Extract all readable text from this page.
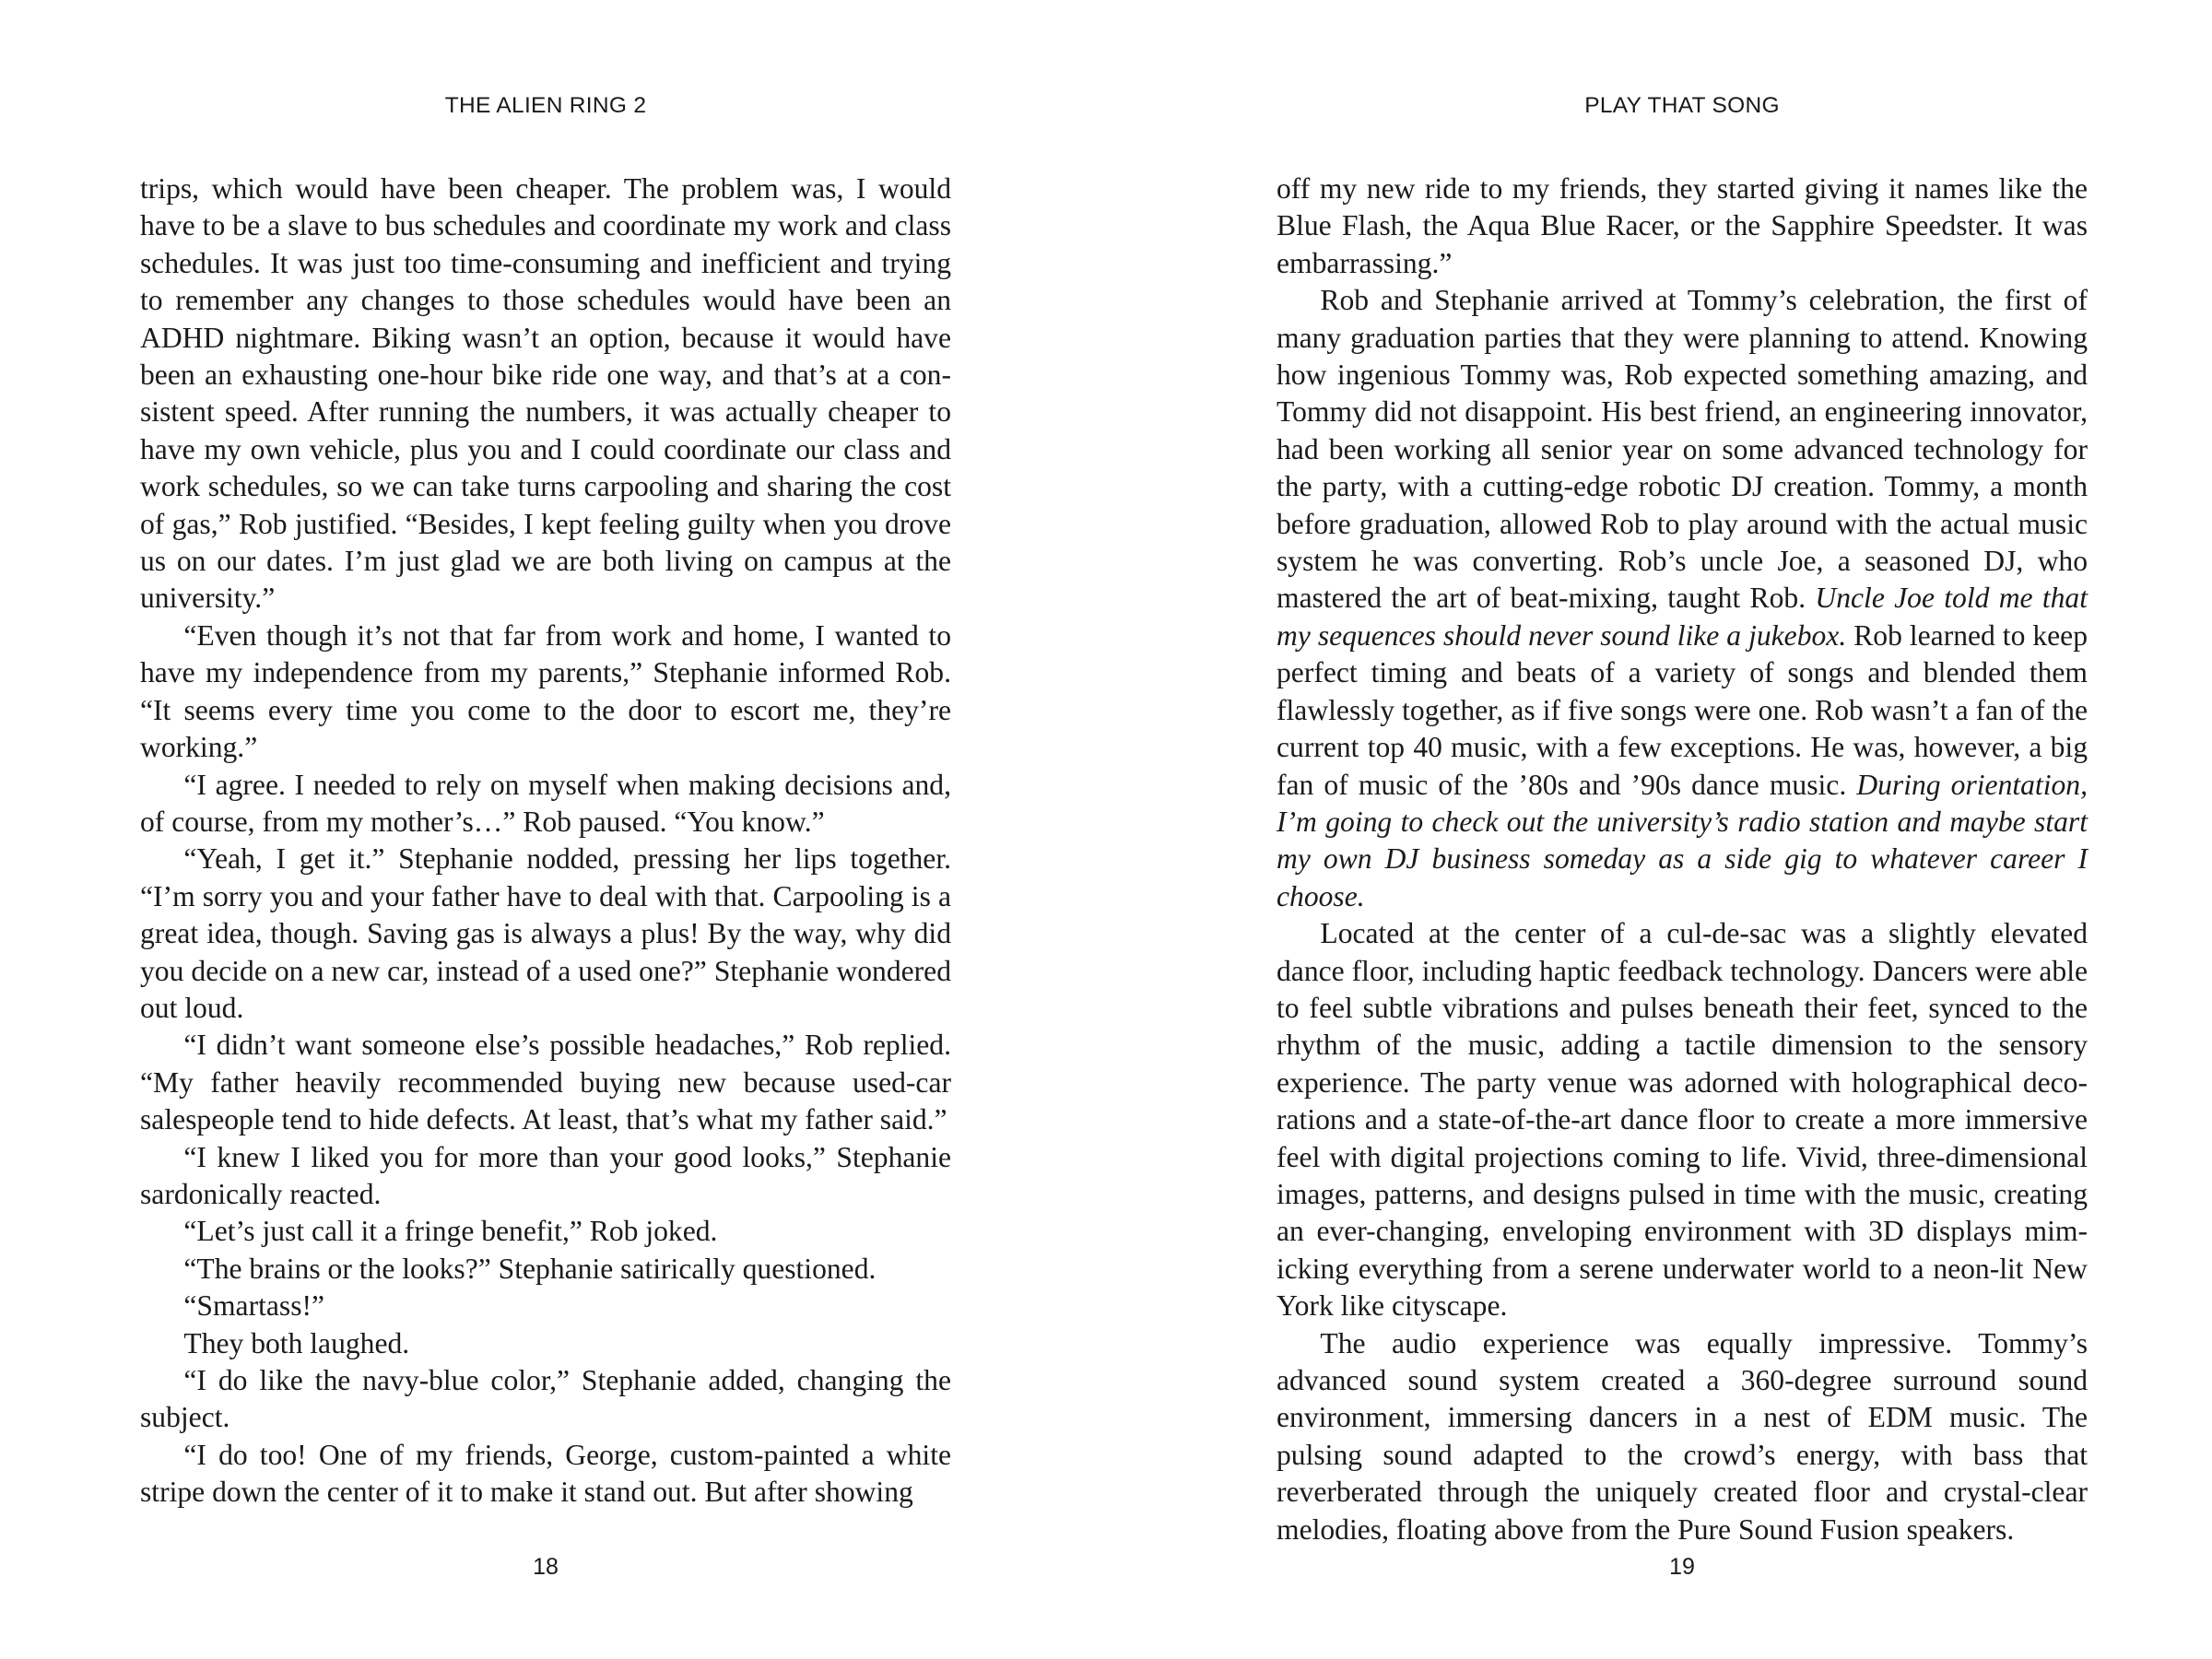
THE ALIEN RING 2

trips, which would have been cheaper. The problem was, I would have to be a slave to bus schedules and coordinate my work and class schedules. It was just too time-consuming and inefficient and trying to remember any changes to those schedules would have been an ADHD nightmare. Biking wasn’t an option, because it would have been an exhausting one-hour bike ride one way, and that’s at a consistent speed. After running the numbers, it was actually cheaper to have my own vehicle, plus you and I could coordinate our class and work schedules, so we can take turns carpooling and sharing the cost of gas,” Rob justified. “Besides, I kept feeling guilty when you drove us on our dates. I’m just glad we are both living on campus at the university.”

“Even though it’s not that far from work and home, I wanted to have my independence from my parents,” Stephanie informed Rob. “It seems every time you come to the door to escort me, they’re working.”

“I agree. I needed to rely on myself when making decisions and, of course, from my mother’s…” Rob paused. “You know.”

“Yeah, I get it.” Stephanie nodded, pressing her lips together. “I’m sorry you and your father have to deal with that. Carpooling is a great idea, though. Saving gas is always a plus! By the way, why did you decide on a new car, instead of a used one?” Stephanie wondered out loud.

“I didn’t want someone else’s possible headaches,” Rob replied. “My father heavily recommended buying new because used-car salespeople tend to hide defects. At least, that’s what my father said.”

“I knew I liked you for more than your good looks,” Stephanie sardonically reacted.

“Let’s just call it a fringe benefit,” Rob joked.

“The brains or the looks?” Stephanie satirically questioned.

“Smartass!”

They both laughed.

“I do like the navy-blue color,” Stephanie added, changing the subject.

“I do too! One of my friends, George, custom-painted a white stripe down the center of it to make it stand out. But after showing

18
PLAY THAT SONG

off my new ride to my friends, they started giving it names like the Blue Flash, the Aqua Blue Racer, or the Sapphire Speedster. It was embarrassing.”

Rob and Stephanie arrived at Tommy’s celebration, the first of many graduation parties that they were planning to attend. Knowing how ingenious Tommy was, Rob expected something amazing, and Tommy did not disappoint. His best friend, an engineering innovator, had been working all senior year on some advanced technology for the party, with a cutting-edge robotic DJ creation. Tommy, a month before graduation, allowed Rob to play around with the actual music system he was converting. Rob’s uncle Joe, a seasoned DJ, who mastered the art of beat-mixing, taught Rob. Uncle Joe told me that my sequences should never sound like a jukebox. Rob learned to keep perfect timing and beats of a variety of songs and blended them flawlessly together, as if five songs were one. Rob wasn’t a fan of the current top 40 music, with a few exceptions. He was, however, a big fan of music of the ’80s and ’90s dance music. During orientation, I’m going to check out the university’s radio station and maybe start my own DJ business someday as a side gig to whatever career I choose.

Located at the center of a cul-de-sac was a slightly elevated dance floor, including haptic feedback technology. Dancers were able to feel subtle vibrations and pulses beneath their feet, synced to the rhythm of the music, adding a tactile dimension to the sensory experience. The party venue was adorned with holographical decorations and a state-of-the-art dance floor to create a more immersive feel with digital projections coming to life. Vivid, three-dimensional images, patterns, and designs pulsed in time with the music, creating an ever-changing, enveloping environment with 3D displays mimicking everything from a serene underwater world to a neon-lit New York like cityscape.

The audio experience was equally impressive. Tommy’s advanced sound system created a 360-degree surround sound environment, immersing dancers in a nest of EDM music. The pulsing sound adapted to the crowd’s energy, with bass that reverberated through the uniquely created floor and crystal-clear melodies, floating above from the Pure Sound Fusion speakers.

19
